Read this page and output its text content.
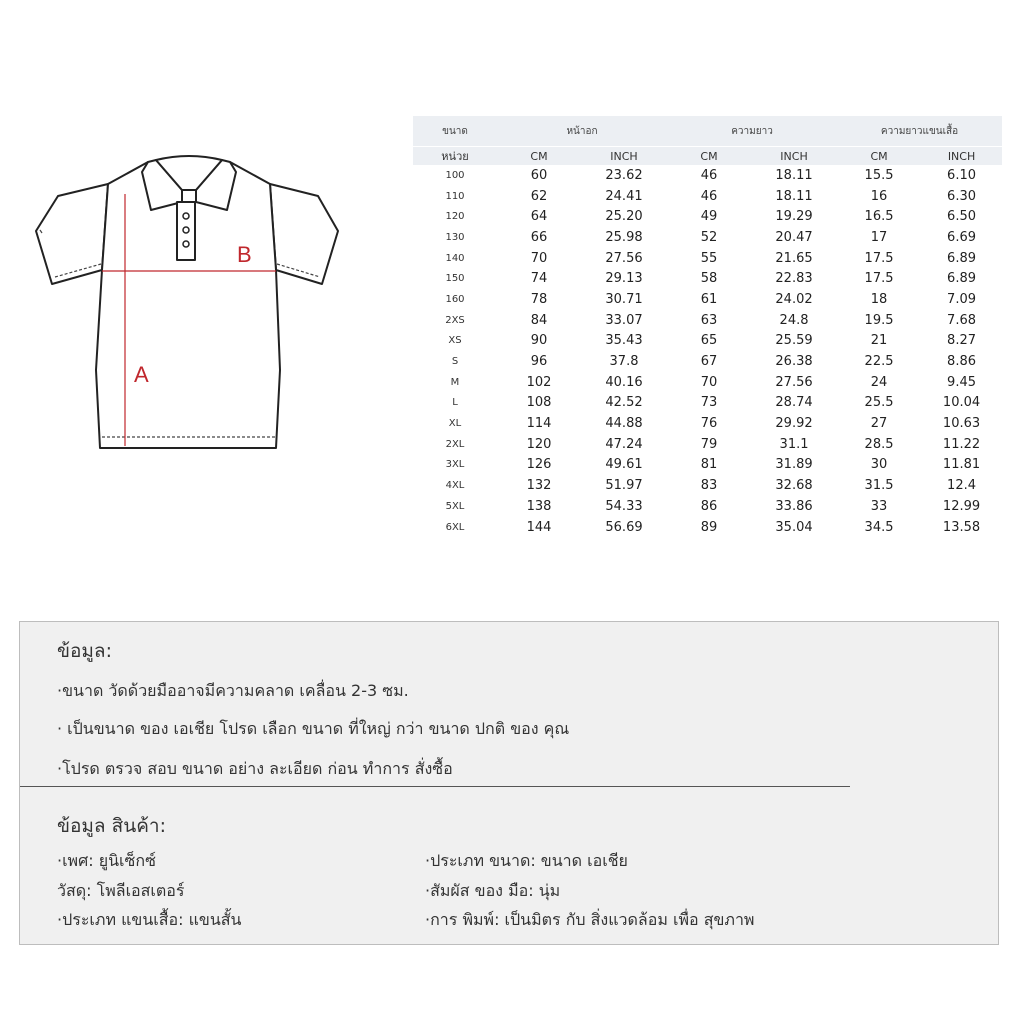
A
B
ขนาด	หน้าอก		ความยาว		ความยาวแขนเสื้อ	
หน่วย	CM	INCH	CM	INCH	CM	INCH
100	60	23.62	46	18.11	15.5	6.10
110	62	24.41	46	18.11	16	6.30
120	64	25.20	49	19.29	16.5	6.50
130	66	25.98	52	20.47	17	6.69
140	70	27.56	55	21.65	17.5	6.89
150	74	29.13	58	22.83	17.5	6.89
160	78	30.71	61	24.02	18	7.09
2XS	84	33.07	63	24.8	19.5	7.68
XS	90	35.43	65	25.59	21	8.27
S	96	37.8	67	26.38	22.5	8.86
M	102	40.16	70	27.56	24	9.45
L	108	42.52	73	28.74	25.5	10.04
XL	114	44.88	76	29.92	27	10.63
2XL	120	47.24	79	31.1	28.5	11.22
3XL	126	49.61	81	31.89	30	11.81
4XL	132	51.97	83	32.68	31.5	12.4
5XL	138	54.33	86	33.86	33	12.99
6XL	144	56.69	89	35.04	34.5	13.58
ข้อมูล:

·ขนาด วัดด้วยมืออาจมีความคลาด เคลื่อน 2-3 ซม.

· เป็นขนาด ของ เอเชีย โปรด เลือก ขนาด ที่ใหญ่ กว่า ขนาด ปกติ ของ คุณ

·โปรด ตรวจ สอบ ขนาด อย่าง ละเอียด ก่อน ทำการ สั่งซื้อ

ข้อมูล สินค้า:

·เพศ: ยูนิเซ็กซ์

วัสดุ: โพลีเอสเตอร์

·ประเภท แขนเสื้อ: แขนสั้น

·ประเภท ขนาด: ขนาด เอเชีย

·สัมผัส ของ มือ: นุ่ม

·การ พิมพ์: เป็นมิตร กับ สิ่งแวดล้อม เพื่อ สุขภาพ
